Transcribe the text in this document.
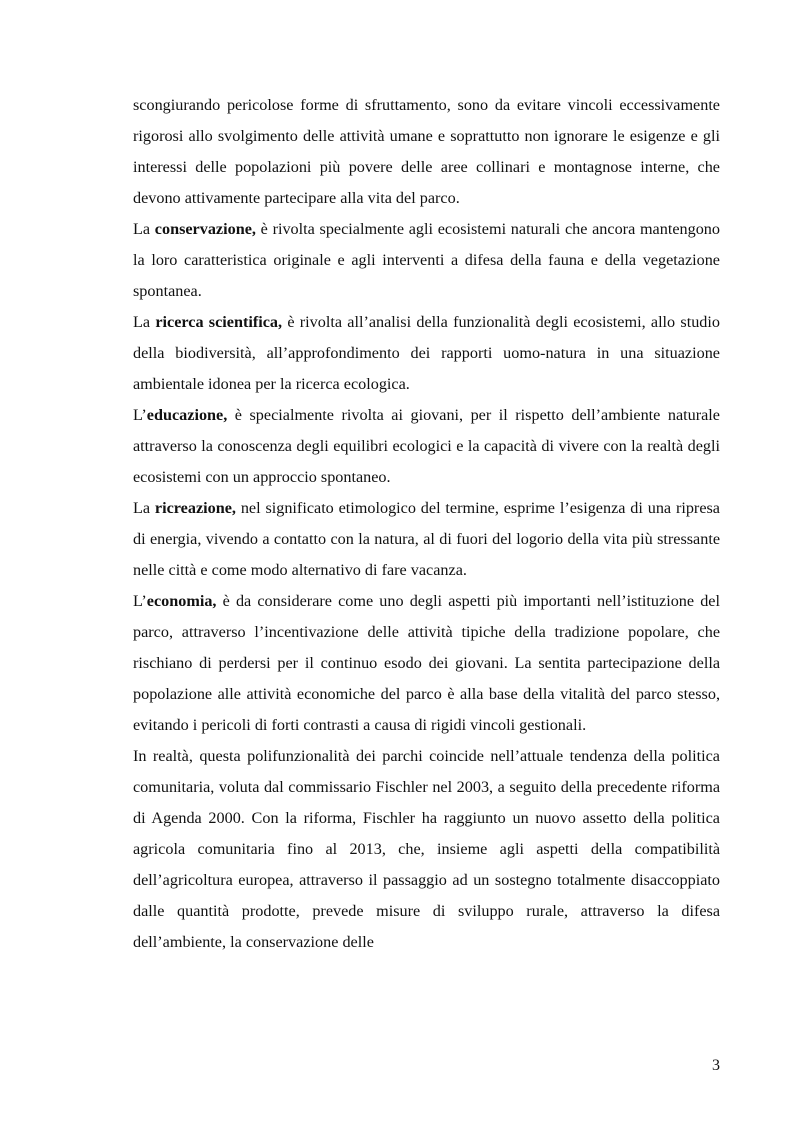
scongiurando pericolose forme di sfruttamento, sono da evitare vincoli eccessivamente rigorosi allo svolgimento delle attività umane e soprattutto non ignorare le esigenze e gli interessi delle popolazioni più povere delle aree collinari e montagnose interne, che devono attivamente partecipare alla vita del parco.

La conservazione, è rivolta specialmente agli ecosistemi naturali che ancora mantengono la loro caratteristica originale e agli interventi a difesa della fauna e della vegetazione spontanea.

La ricerca scientifica, è rivolta all’analisi della funzionalità degli ecosistemi, allo studio della biodiversità, all’approfondimento dei rapporti uomo-natura in una situazione ambientale idonea per la ricerca ecologica.

L’educazione, è specialmente rivolta ai giovani, per il rispetto dell’ambiente naturale attraverso la conoscenza degli equilibri ecologici e la capacità di vivere con la realtà degli ecosistemi con un approccio spontaneo.

La ricreazione, nel significato etimologico del termine, esprime l’esigenza di una ripresa di energia, vivendo a contatto con la natura, al di fuori del logorio della vita più stressante nelle città e come modo alternativo di fare vacanza.

L’economia, è da considerare come uno degli aspetti più importanti nell’istituzione del parco, attraverso l’incentivazione delle attività tipiche della tradizione popolare, che rischiano di perdersi per il continuo esodo dei giovani. La sentita partecipazione della popolazione alle attività economiche del parco è alla base della vitalità del parco stesso, evitando i pericoli di forti contrasti a causa di rigidi vincoli gestionali.

In realtà, questa polifunzionalità dei parchi coincide nell’attuale tendenza della politica comunitaria, voluta dal commissario Fischler nel 2003, a seguito della precedente riforma di Agenda 2000. Con la riforma, Fischler ha raggiunto un nuovo assetto della politica agricola comunitaria fino al 2013, che, insieme agli aspetti della compatibilità dell’agricoltura europea, attraverso il passaggio ad un sostegno totalmente disaccoppiato dalle quantità prodotte, prevede misure di sviluppo rurale, attraverso la difesa dell’ambiente, la conservazione delle

3
